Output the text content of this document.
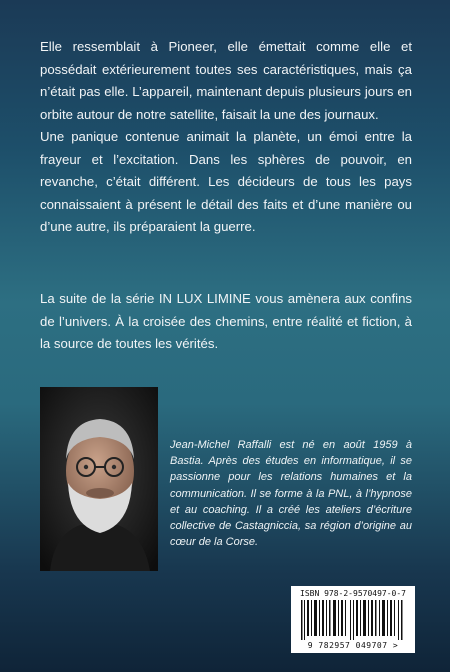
Elle ressemblait à Pioneer, elle émettait comme elle et possédait extérieurement toutes ses caractéristiques, mais ça n’était pas elle. L’appareil, maintenant depuis plusieurs jours en orbite autour de notre satellite, faisait la une des journaux.

Une panique contenue animait la planète, un émoi entre la frayeur et l’excitation. Dans les sphères de pouvoir, en revanche, c’était différent. Les décideurs de tous les pays connaissaient à présent le détail des faits et d’une manière ou d’une autre, ils préparaient la guerre.

La suite de la série IN LUX LIMINE vous amènera aux confins de l’univers. À la croisée des chemins, entre réalité et fiction, à la source de toutes les vérités.

Jean-Michel Raffalli est né en août 1959 à Bastia. Après des études en informatique, il se passionne pour les relations humaines et la communication. Il se forme à la PNL, à l’hypnose et au coaching. Il a créé les ateliers d’écriture collective de Castagniccia, sa région d’origine au cœur de la Corse.

ISBN 978-2-9570497-0-7
9 782957 049707 >
